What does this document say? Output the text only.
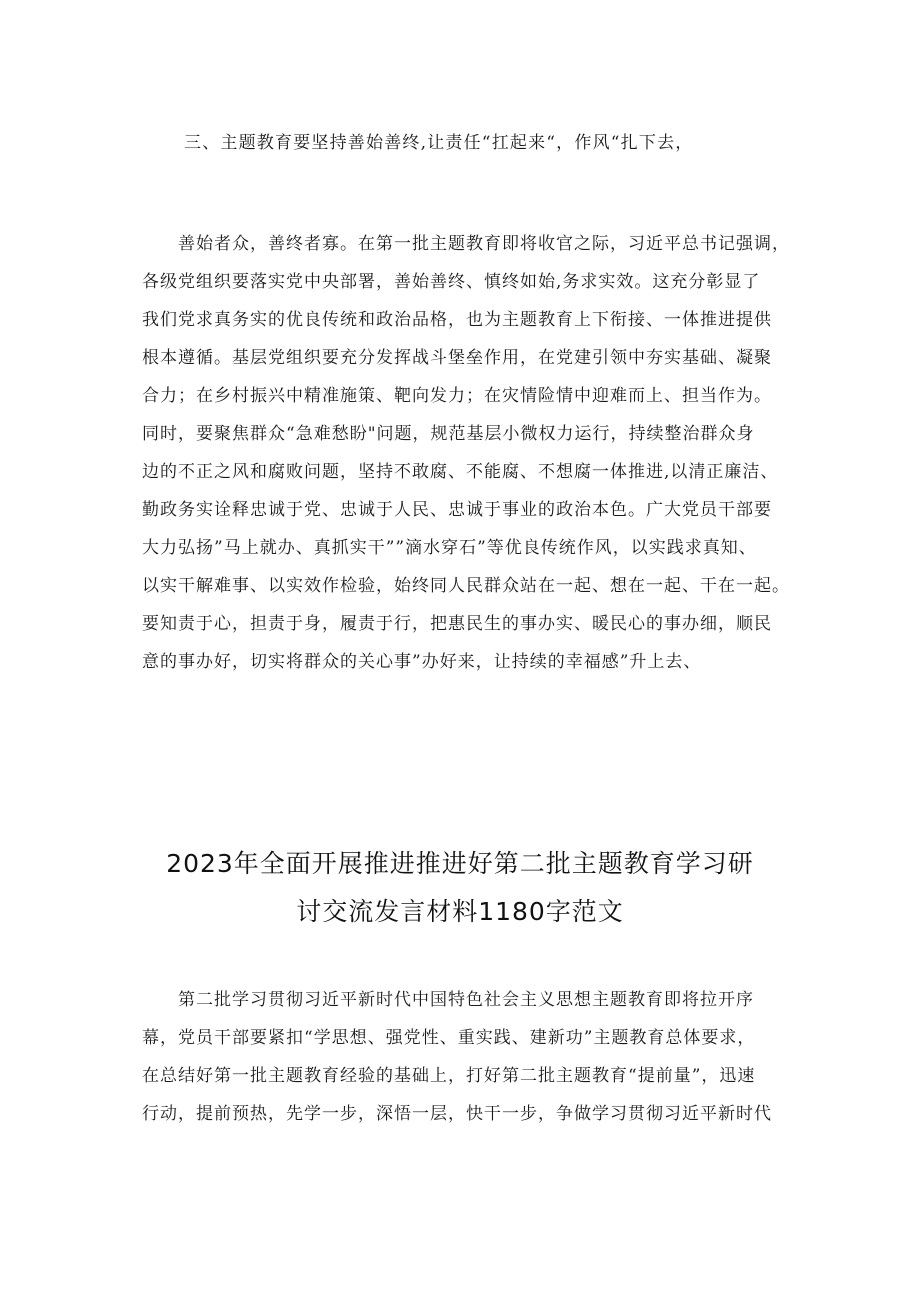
三、主题教育要坚持善始善终,让责任“扛起来“，作风“扎下去，
善始者众，善终者寡。在第一批主题教育即将收官之际，习近平总书记强调，
各级党组织要落实党中央部署，善始善终、慎终如始,务求实效。这充分彰显了
我们党求真务实的优良传统和政治品格，也为主题教育上下衔接、一体推进提供
根本遵循。基层党组织要充分发挥战斗堡垒作用，在党建引领中夯实基础、凝聚
合力；在乡村振兴中精准施策、靶向发力；在灾情险情中迎难而上、担当作为。
同时，要聚焦群众“急难愁盼"问题，规范基层小微权力运行，持续整治群众身
边的不正之风和腐败问题，坚持不敢腐、不能腐、不想腐一体推进,以清正廉洁、
勤政务实诠释忠诚于党、忠诚于人民、忠诚于事业的政治本色。广大党员干部要
大力弘扬”马上就办、真抓实干””滴水穿石”等优良传统作风，以实践求真知、
以实干解难事、以实效作检验，始终同人民群众站在一起、想在一起、干在一起。
要知责于心，担责于身，履责于行，把惠民生的事办实、暖民心的事办细，顺民
意的事办好，切实将群众的关心事”办好来，让持续的幸福感”升上去、
2023年全面开展推进推进好第二批主题教育学习研
讨交流发言材料1180字范文
第二批学习贯彻习近平新时代中国特色社会主义思想主题教育即将拉开序
幕，党员干部要紧扣“学思想、强党性、重实践、建新功”主题教育总体要求，
在总结好第一批主题教育经验的基础上，打好第二批主题教育“提前量”，迅速
行动，提前预热，先学一步，深悟一层，快干一步，争做学习贯彻习近平新时代
